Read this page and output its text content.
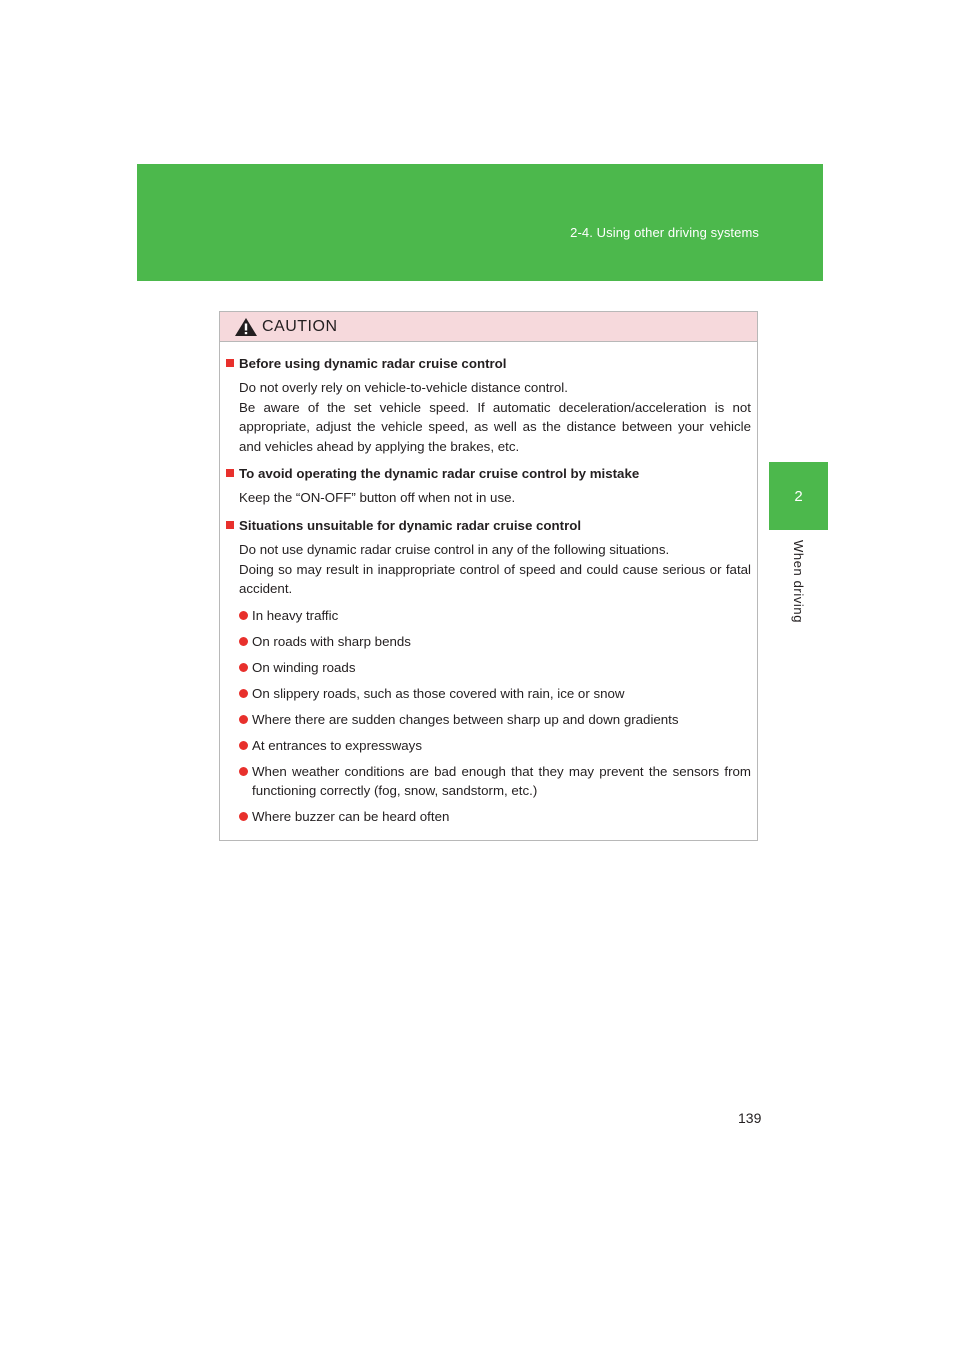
2-4. Using other driving systems
2
When driving
CAUTION
Before using dynamic radar cruise control

Do not overly rely on vehicle-to-vehicle distance control.

Be aware of the set vehicle speed. If automatic deceleration/acceleration is not appropriate, adjust the vehicle speed, as well as the distance between your vehicle and vehicles ahead by applying the brakes, etc.

To avoid operating the dynamic radar cruise control by mistake

Keep the “ON-OFF” button off when not in use.

Situations unsuitable for dynamic radar cruise control

Do not use dynamic radar cruise control in any of the following situations.

Doing so may result in inappropriate control of speed and could cause serious or fatal accident.

In heavy traffic
On roads with sharp bends
On winding roads
On slippery roads, such as those covered with rain, ice or snow
Where there are sudden changes between sharp up and down gradients
At entrances to expressways
When weather conditions are bad enough that they may prevent the sensors from functioning correctly (fog, snow, sandstorm, etc.)
Where buzzer can be heard often
139
